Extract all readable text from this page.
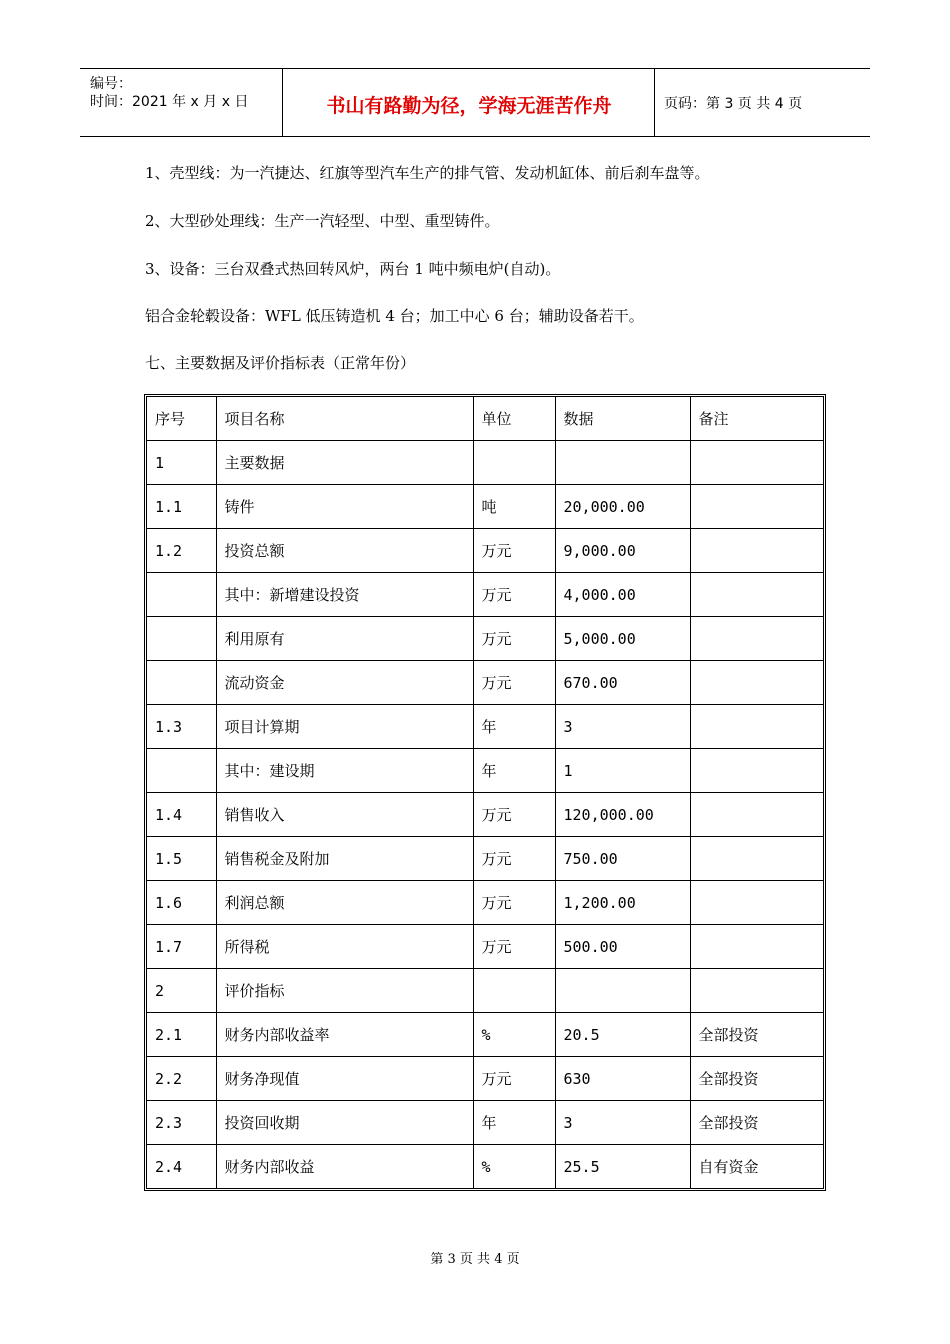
编号：
时间：2021 年 x 月 x 日	书山有路勤为径，学海无涯苦作舟	页码：第 3 页 共 4 页
1、壳型线：为一汽捷达、红旗等型汽车生产的排气管、发动机缸体、前后刹车盘等。
2、大型砂处理线：生产一汽轻型、中型、重型铸件。
3、设备：三台双叠式热回转风炉，两台 1 吨中频电炉(自动)。
铝合金轮毂设备：WFL 低压铸造机 4 台；加工中心 6 台；辅助设备若干。
七、主要数据及评价指标表（正常年份）
序号	项目名称	单位	数据	备注
1	主要数据			
1.1	铸件	吨	20,000.00	
1.2	投资总额	万元	9,000.00	
	其中：新增建设投资	万元	4,000.00	
	利用原有	万元	5,000.00	
	流动资金	万元	670.00	
1.3	项目计算期	年	3	
	其中：建设期	年	1	
1.4	销售收入	万元	120,000.00	
1.5	销售税金及附加	万元	750.00	
1.6	利润总额	万元	1,200.00	
1.7	所得税	万元	500.00	
2	评价指标			
2.1	财务内部收益率	%	20.5	全部投资
2.2	财务净现值	万元	630	全部投资
2.3	投资回收期	年	3	全部投资
2.4	财务内部收益	%	25.5	自有资金
第 3 页 共 4 页
